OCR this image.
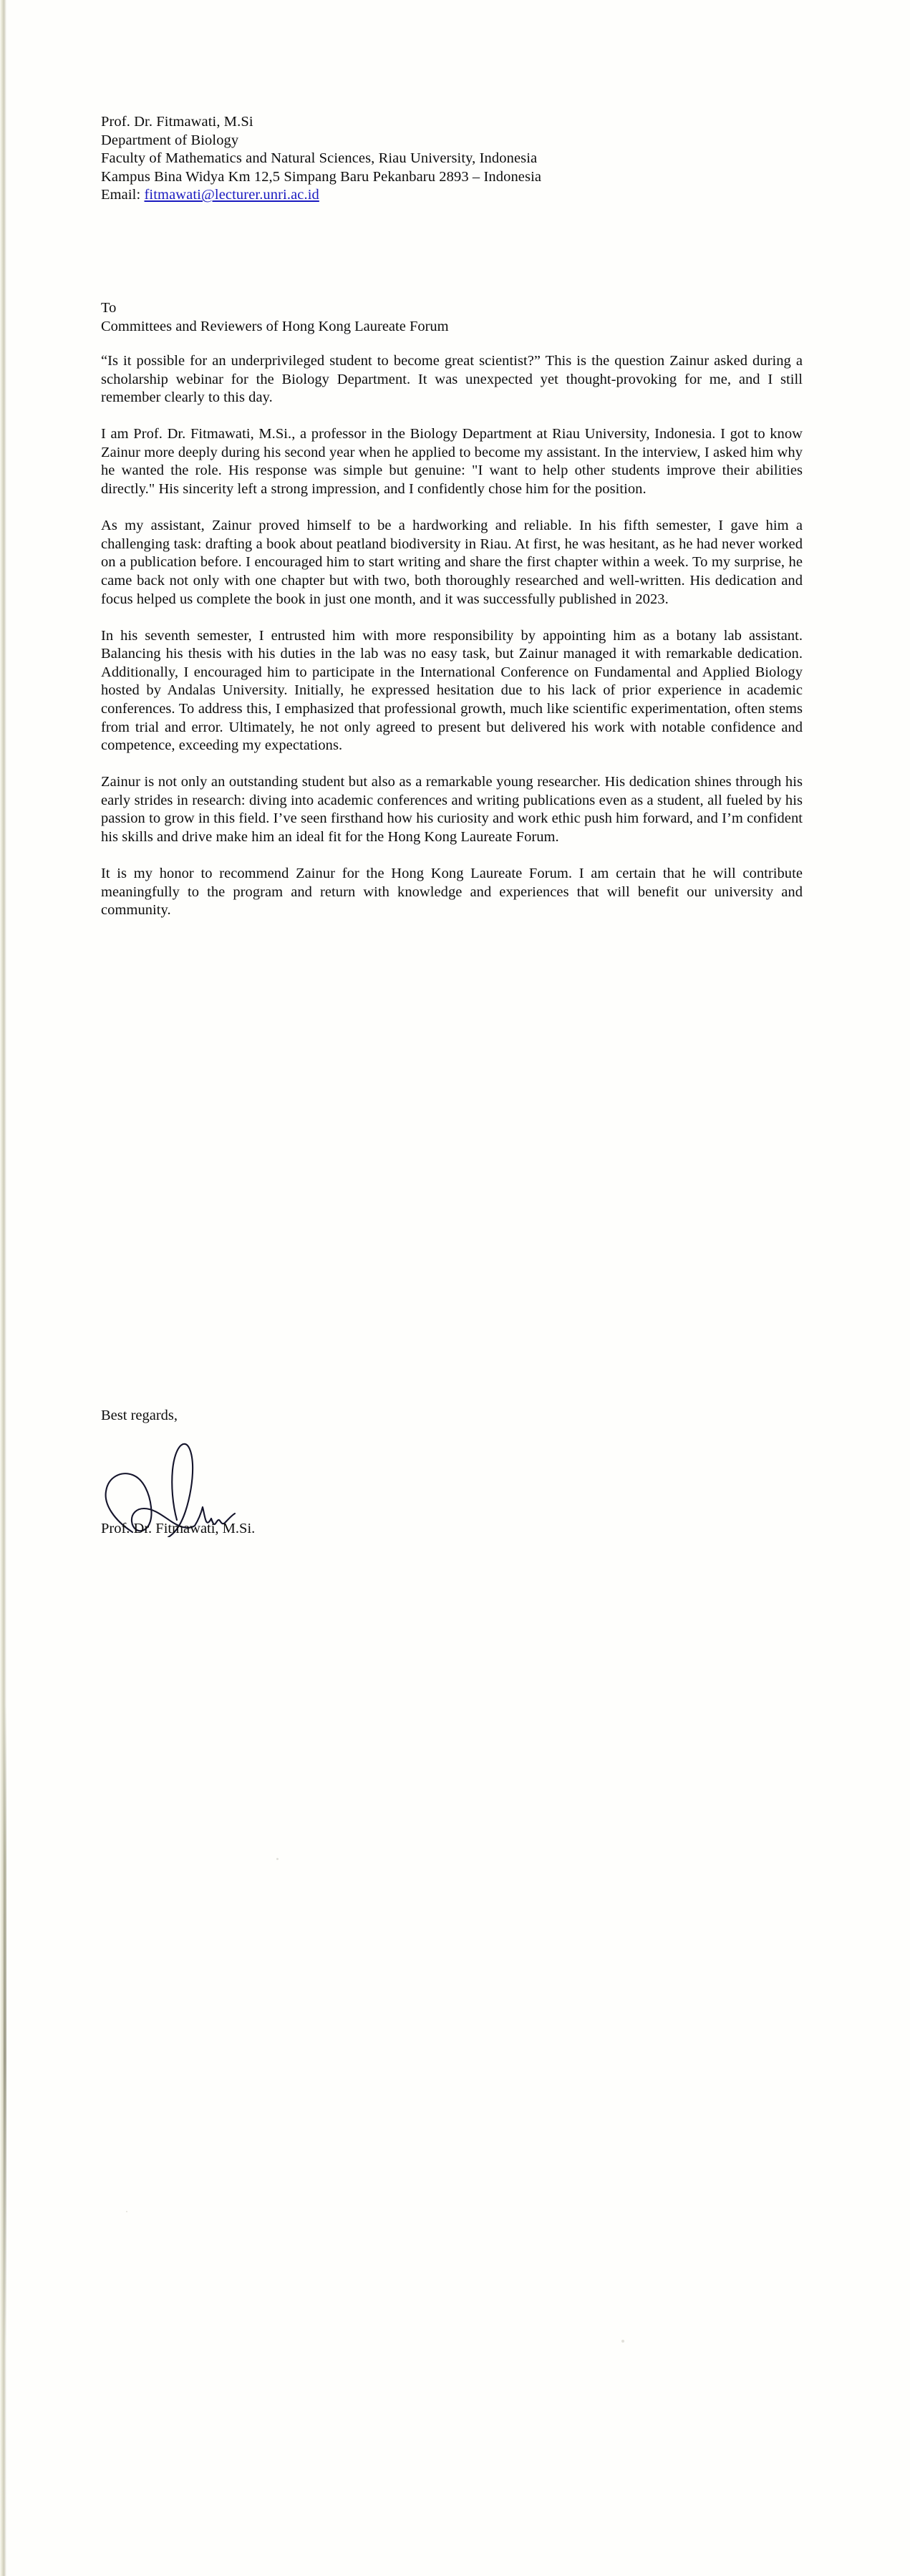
Prof. Dr. Fitmawati, M.Si
Department of Biology
Faculty of Mathematics and Natural Sciences, Riau University, Indonesia
Kampus Bina Widya Km 12,5 Simpang Baru Pekanbaru 2893 – Indonesia
Email: fitmawati@lecturer.unri.ac.id
To
Committees and Reviewers of Hong Kong Laureate Forum

“Is it possible for an underprivileged student to become great scientist?” This is the question Zainur asked during a scholarship webinar for the Biology Department. It was unexpected yet thought-provoking for me, and I still remember clearly to this day.

I am Prof. Dr. Fitmawati, M.Si., a professor in the Biology Department at Riau University, Indonesia. I got to know Zainur more deeply during his second year when he applied to become my assistant. In the interview, I asked him why he wanted the role. His response was simple but genuine: "I want to help other students improve their abilities directly." His sincerity left a strong impression, and I confidently chose him for the position.

As my assistant, Zainur proved himself to be a hardworking and reliable. In his fifth semester, I gave him a challenging task: drafting a book about peatland biodiversity in Riau. At first, he was hesitant, as he had never worked on a publication before. I encouraged him to start writing and share the first chapter within a week. To my surprise, he came back not only with one chapter but with two, both thoroughly researched and well-written. His dedication and focus helped us complete the book in just one month, and it was successfully published in 2023.

In his seventh semester, I entrusted him with more responsibility by appointing him as a botany lab assistant. Balancing his thesis with his duties in the lab was no easy task, but Zainur managed it with remarkable dedication. Additionally, I encouraged him to participate in the International Conference on Fundamental and Applied Biology hosted by Andalas University. Initially, he expressed hesitation due to his lack of prior experience in academic conferences. To address this, I emphasized that professional growth, much like scientific experimentation, often stems from trial and error. Ultimately, he not only agreed to present but delivered his work with notable confidence and competence, exceeding my expectations.

Zainur is not only an outstanding student but also as a remarkable young researcher. His dedication shines through his early strides in research: diving into academic conferences and writing publications even as a student, all fueled by his passion to grow in this field. I’ve seen firsthand how his curiosity and work ethic push him forward, and I’m confident his skills and drive make him an ideal fit for the Hong Kong Laureate Forum.

It is my honor to recommend Zainur for the Hong Kong Laureate Forum. I am certain that he will contribute meaningfully to the program and return with knowledge and experiences that will benefit our university and community.

Best regards,
Prof. Dr. Fitmawati, M.Si.
